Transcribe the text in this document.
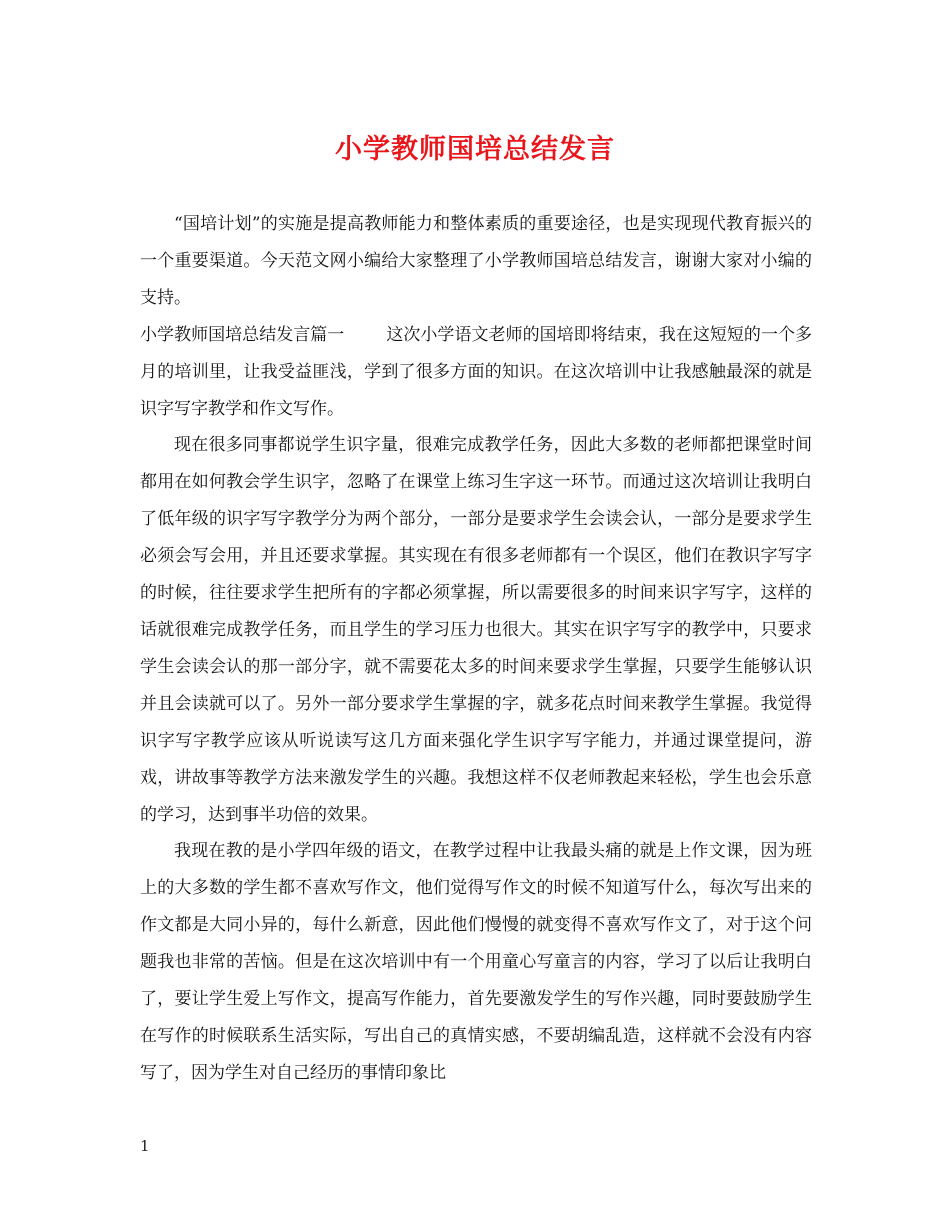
小学教师国培总结发言

“国培计划”的实施是提高教师能力和整体素质的重要途径，也是实现现代教育振兴的一个重要渠道。今天范文网小编给大家整理了小学教师国培总结发言，谢谢大家对小编的支持。

小学教师国培总结发言篇一 这次小学语文老师的国培即将结束，我在这短短的一个多月的培训里，让我受益匪浅，学到了很多方面的知识。在这次培训中让我感触最深的就是识字写字教学和作文写作。

现在很多同事都说学生识字量，很难完成教学任务，因此大多数的老师都把课堂时间都用在如何教会学生识字，忽略了在课堂上练习生字这一环节。而通过这次培训让我明白了低年级的识字写字教学分为两个部分，一部分是要求学生会读会认，一部分是要求学生必须会写会用，并且还要求掌握。其实现在有很多老师都有一个误区，他们在教识字写字的时候，往往要求学生把所有的字都必须掌握，所以需要很多的时间来识字写字，这样的话就很难完成教学任务，而且学生的学习压力也很大。其实在识字写字的教学中，只要求学生会读会认的那一部分字，就不需要花太多的时间来要求学生掌握，只要学生能够认识并且会读就可以了。另外一部分要求学生掌握的字，就多花点时间来教学生掌握。我觉得识字写字教学应该从听说读写这几方面来强化学生识字写字能力，并通过课堂提问，游戏，讲故事等教学方法来激发学生的兴趣。我想这样不仅老师教起来轻松，学生也会乐意的学习，达到事半功倍的效果。

我现在教的是小学四年级的语文，在教学过程中让我最头痛的就是上作文课，因为班上的大多数的学生都不喜欢写作文，他们觉得写作文的时候不知道写什么，每次写出来的作文都是大同小异的，每什么新意，因此他们慢慢的就变得不喜欢写作文了，对于这个问题我也非常的苦恼。但是在这次培训中有一个用童心写童言的内容，学习了以后让我明白了，要让学生爱上写作文，提高写作能力，首先要激发学生的写作兴趣，同时要鼓励学生在写作的时候联系生活实际，写出自己的真情实感，不要胡编乱造，这样就不会没有内容写了，因为学生对自己经历的事情印象比

1
